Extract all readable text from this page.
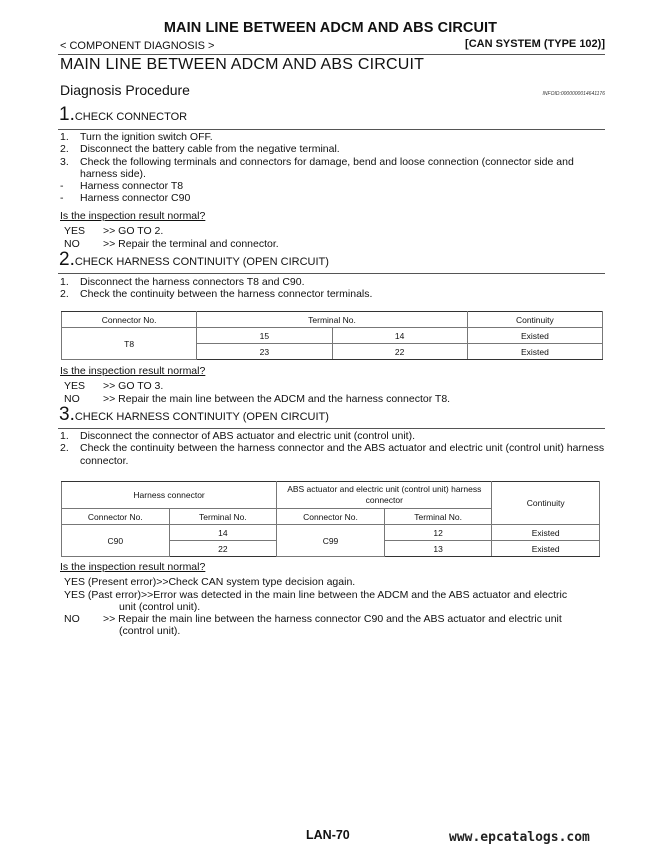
MAIN LINE BETWEEN ADCM AND ABS CIRCUIT
< COMPONENT DIAGNOSIS >	[CAN SYSTEM (TYPE 102)]
MAIN LINE BETWEEN ADCM AND ABS CIRCUIT
Diagnosis Procedure	INFOID:0000000014641176
1.CHECK CONNECTOR
1. Turn the ignition switch OFF.
2. Disconnect the battery cable from the negative terminal.
3. Check the following terminals and connectors for damage, bend and loose connection (connector side and harness side).
- Harness connector T8
- Harness connector C90
Is the inspection result normal?
YES >> GO TO 2.
NO >> Repair the terminal and connector.
2.CHECK HARNESS CONTINUITY (OPEN CIRCUIT)
1. Disconnect the harness connectors T8 and C90.
2. Check the continuity between the harness connector terminals.
Connector No.	Terminal No.		Continuity
T8	15	14	Existed
	23	22	Existed
Is the inspection result normal?
YES >> GO TO 3.
NO >> Repair the main line between the ADCM and the harness connector T8.
3.CHECK HARNESS CONTINUITY (OPEN CIRCUIT)
1. Disconnect the connector of ABS actuator and electric unit (control unit).
2. Check the continuity between the harness connector and the ABS actuator and electric unit (control unit) harness connector.
Harness connector		ABS actuator and electric unit (control unit) harness connector		Continuity
Connector No.	Terminal No.	Connector No.	Terminal No.	
C90	14	C99	12	Existed
	22		13	Existed
Is the inspection result normal?
YES (Present error)>>Check CAN system type decision again.
YES (Past error)>>Error was detected in the main line between the ADCM and the ABS actuator and electric
unit (control unit).
NO >> Repair the main line between the harness connector C90 and the ABS actuator and electric unit
(control unit).
LAN-70	www.epcatalogs.com
